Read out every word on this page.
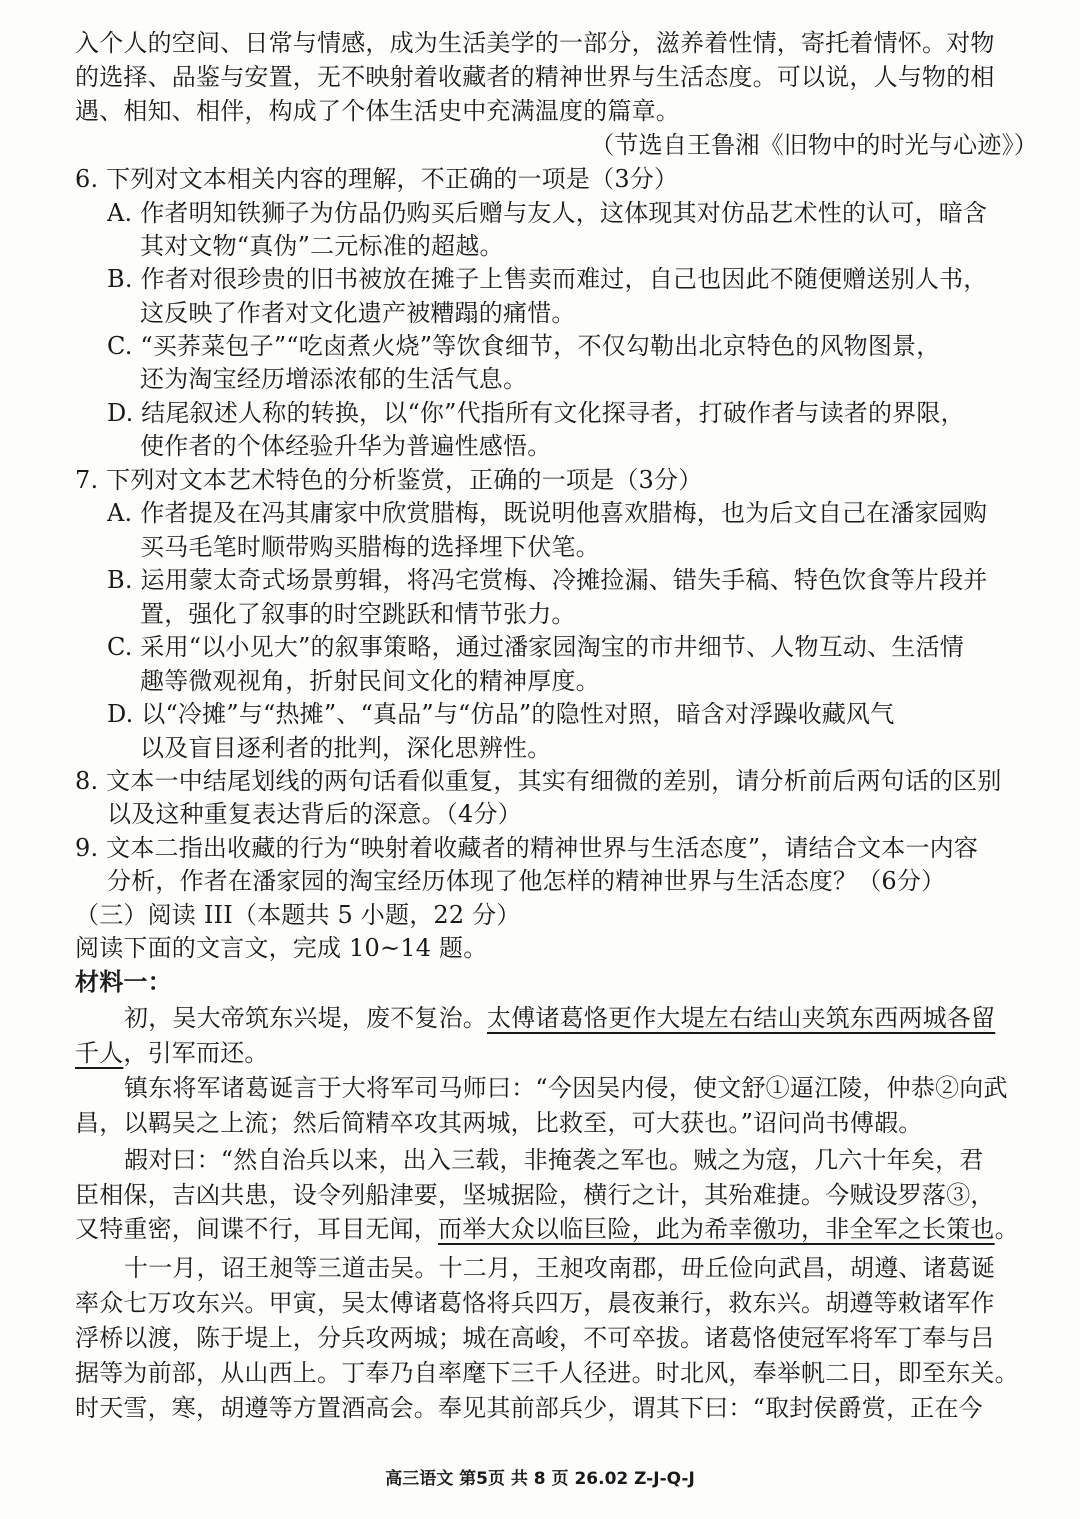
入个人的空间、日常与情感，成为生活美学的一部分，滋养着性情，寄托着情怀。对物
的选择、品鉴与安置，无不映射着收藏者的精神世界与生活态度。可以说，人与物的相
遇、相知、相伴，构成了个体生活史中充满温度的篇章。
（节选自王鲁湘《旧物中的时光与心迹》）
6. 下列对文本相关内容的理解，不正确的一项是（3分）
A. 作者明知铁狮子为仿品仍购买后赠与友人，这体现其对仿品艺术性的认可，暗含
其对文物“真伪”二元标准的超越。
B. 作者对很珍贵的旧书被放在摊子上售卖而难过，自己也因此不随便赠送别人书，
这反映了作者对文化遗产被糟蹋的痛惜。
C. “买荞菜包子”“吃卤煮火烧”等饮食细节，不仅勾勒出北京特色的风物图景，
还为淘宝经历增添浓郁的生活气息。
D. 结尾叙述人称的转换，以“你”代指所有文化探寻者，打破作者与读者的界限，
使作者的个体经验升华为普遍性感悟。
7. 下列对文本艺术特色的分析鉴赏，正确的一项是（3分）
A. 作者提及在冯其庸家中欣赏腊梅，既说明他喜欢腊梅，也为后文自己在潘家园购
买马毛笔时顺带购买腊梅的选择埋下伏笔。
B. 运用蒙太奇式场景剪辑，将冯宅赏梅、冷摊捡漏、错失手稿、特色饮食等片段并
置，强化了叙事的时空跳跃和情节张力。
C. 采用“以小见大”的叙事策略，通过潘家园淘宝的市井细节、人物互动、生活情
趣等微观视角，折射民间文化的精神厚度。
D. 以“冷摊”与“热摊”、“真品”与“仿品”的隐性对照，暗含对浮躁收藏风气
以及盲目逐利者的批判，深化思辨性。
8. 文本一中结尾划线的两句话看似重复，其实有细微的差别，请分析前后两句话的区别
以及这种重复表达背后的深意。（4分）
9. 文本二指出收藏的行为“映射着收藏者的精神世界与生活态度”，请结合文本一内容
分析，作者在潘家园的淘宝经历体现了他怎样的精神世界与生活态度？（6分）
（三）阅读 III（本题共 5 小题，22 分）
阅读下面的文言文，完成 10~14 题。
材料一：
初，吴大帝筑东兴堤，废不复治。太傅诸葛恪更作大堤左右结山夹筑东西两城各留
千人，引军而还。
镇东将军诸葛诞言于大将军司马师曰：“今因吴内侵，使文舒①逼江陵，仲恭②向武
昌，以羁吴之上流；然后简精卒攻其两城，比救至，可大获也。”诏问尚书傅嘏。
嘏对曰：“然自治兵以来，出入三载，非掩袭之军也。贼之为寇，几六十年矣，君
臣相保，吉凶共患，设令列船津要，坚城据险，横行之计，其殆难捷。今贼设罗落③，
又特重密，间谍不行，耳目无闻，而举大众以临巨险，此为希幸徼功，非全军之长策也。
十一月，诏王昶等三道击吴。十二月，王昶攻南郡，毌丘俭向武昌，胡遵、诸葛诞
率众七万攻东兴。甲寅，吴太傅诸葛恪将兵四万，晨夜兼行，救东兴。胡遵等敕诸军作
浮桥以渡，陈于堤上，分兵攻两城；城在高峻，不可卒拔。诸葛恪使冠军将军丁奉与吕
据等为前部，从山西上。丁奉乃自率麾下三千人径进。时北风，奉举帆二日，即至东关。
时天雪，寒，胡遵等方置酒高会。奉见其前部兵少，谓其下曰：“取封侯爵赏，正在今
高三语文 第5页 共 8 页 26.02 Z-J-Q-J
